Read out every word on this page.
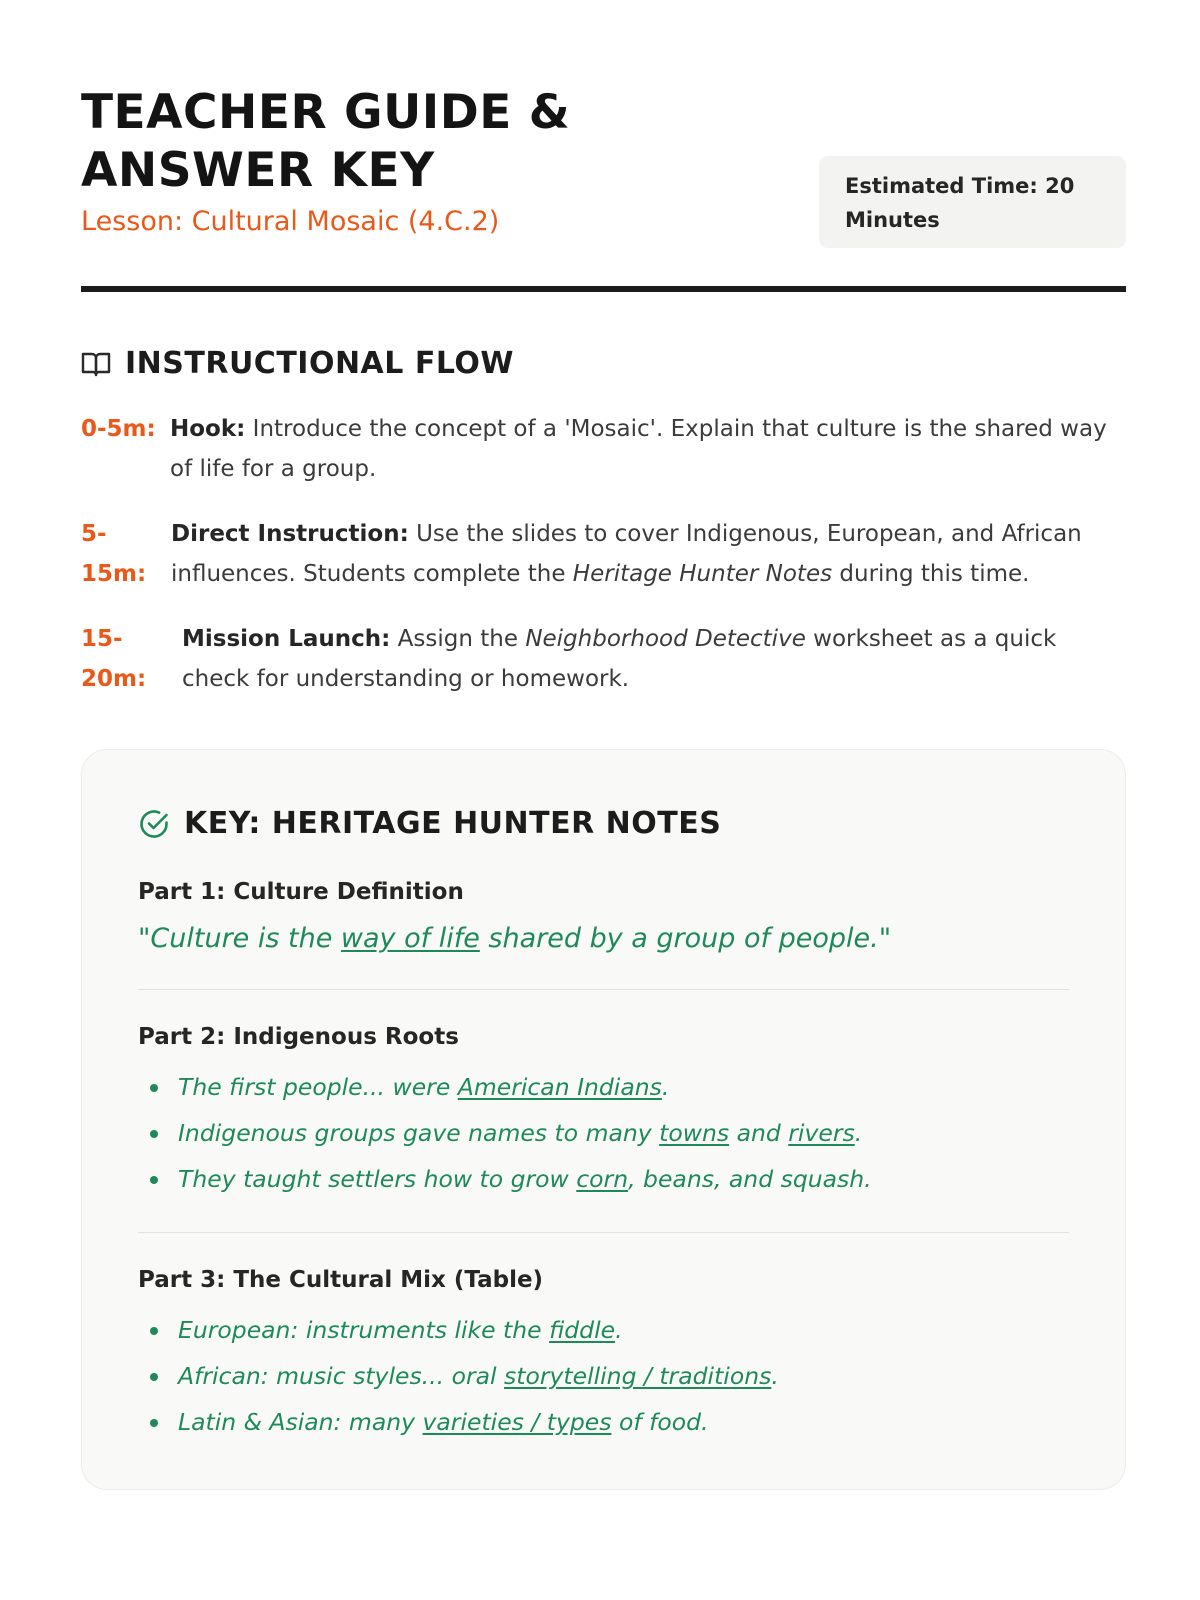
TEACHER GUIDE &
ANSWER KEY
Lesson: Cultural Mosaic (4.C.2)
Estimated Time: 20 Minutes
INSTRUCTIONAL FLOW
0-5m: Hook: Introduce the concept of a 'Mosaic'. Explain that culture is the shared way of life for a group.
5-15m:
Direct Instruction: Use the slides to cover Indigenous, European, and African influences. Students complete the Heritage Hunter Notes during this time.
15-20m:
Mission Launch: Assign the Neighborhood Detective worksheet as a quick check for understanding or homework.
KEY: HERITAGE HUNTER NOTES
Part 1: Culture Definition
"Culture is the way of life shared by a group of people."
Part 2: Indigenous Roots
The first people... were American Indians.
Indigenous groups gave names to many towns and rivers.
They taught settlers how to grow corn, beans, and squash.
Part 3: The Cultural Mix (Table)
European: instruments like the fiddle.
African: music styles... oral storytelling / traditions.
Latin & Asian: many varieties / types of food.
